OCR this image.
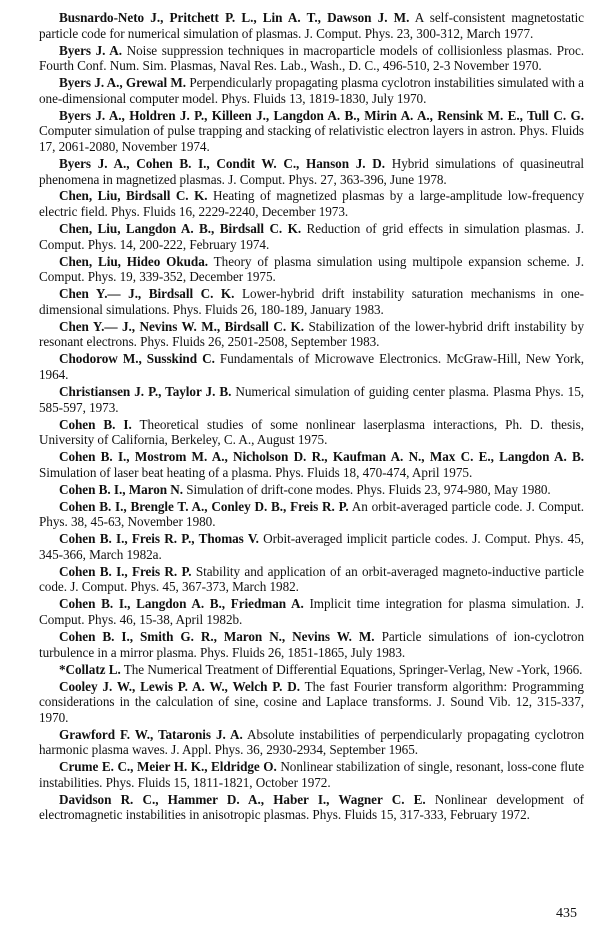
Busnardo-Neto J., Pritchett P. L., Lin A. T., Dawson J. M. A self-consistent magnetostatic particle code for numerical simulation of plasmas. J. Comput. Phys. 23, 300-312, March 1977.

Byers J. A. Noise suppression techniques in macroparticle models of collisionless plasmas. Proc. Fourth Conf. Num. Sim. Plasmas, Naval Res. Lab., Wash., D. C., 496-510, 2-3 November 1970.

Byers J. A., Grewal M. Perpendicularly propagating plasma cyclotron instabilities simulated with a one-dimensional computer model. Phys. Fluids 13, 1819-1830, July 1970.

Byers J. A., Holdren J. P., Killeen J., Langdon A. B., Mirin A. A., Rensink M. E., Tull C. G. Computer simulation of pulse trapping and stacking of relativistic electron layers in astron. Phys. Fluids 17, 2061-2080, November 1974.

Byers J. A., Cohen B. I., Condit W. C., Hanson J. D. Hybrid simulations of quasineutral phenomena in magnetized plasmas. J. Comput. Phys. 27, 363-396, June 1978.

Chen, Liu, Birdsall C. K. Heating of magnetized plasmas by a large-amplitude low-frequency electric field. Phys. Fluids 16, 2229-2240, December 1973.

Chen, Liu, Langdon A. B., Birdsall C. K. Reduction of grid effects in simulation plasmas. J. Comput. Phys. 14, 200-222, February 1974.

Chen, Liu, Hideo Okuda. Theory of plasma simulation using multipole expansion scheme. J. Comput. Phys. 19, 339-352, December 1975.

Chen Y.— J., Birdsall C. K. Lower-hybrid drift instability saturation mechanisms in one-dimensional simulations. Phys. Fluids 26, 180-189, January 1983.

Chen Y.— J., Nevins W. M., Birdsall C. K. Stabilization of the lower-hybrid drift instability by resonant electrons. Phys. Fluids 26, 2501-2508, September 1983.

Chodorow M., Susskind C. Fundamentals of Microwave Electronics. McGraw-Hill, New York, 1964.

Christiansen J. P., Taylor J. B. Numerical simulation of guiding center plasma. Plasma Phys. 15, 585-597, 1973.

Cohen B. I. Theoretical studies of some nonlinear laserplasma interactions, Ph. D. thesis, University of California, Berkeley, C. A., August 1975.

Cohen B. I., Mostrom M. A., Nicholson D. R., Kaufman A. N., Max C. E., Langdon A. B. Simulation of laser beat heating of a plasma. Phys. Fluids 18, 470-474, April 1975.

Cohen B. I., Maron N. Simulation of drift-cone modes. Phys. Fluids 23, 974-980, May 1980.

Cohen B. I., Brengle T. A., Conley D. B., Freis R. P. An orbit-averaged particle code. J. Comput. Phys. 38, 45-63, November 1980.

Cohen B. I., Freis R. P., Thomas V. Orbit-averaged implicit particle codes. J. Comput. Phys. 45, 345-366, March 1982a.

Cohen B. I., Freis R. P. Stability and application of an orbit-averaged magneto-inductive particle code. J. Comput. Phys. 45, 367-373, March 1982.

Cohen B. I., Langdon A. B., Friedman A. Implicit time integration for plasma simulation. J. Comput. Phys. 46, 15-38, April 1982b.

Cohen B. I., Smith G. R., Maron N., Nevins W. M. Particle simulations of ion-cyclotron turbulence in a mirror plasma. Phys. Fluids 26, 1851-1865, July 1983.

*Collatz L. The Numerical Treatment of Differential Equations, Springer-Verlag, New -York, 1966.

Cooley J. W., Lewis P. A. W., Welch P. D. The fast Fourier transform algorithm: Programming considerations in the calculation of sine, cosine and Laplace transforms. J. Sound Vib. 12, 315-337, 1970.

Grawford F. W., Tataronis J. A. Absolute instabilities of perpendicularly propagating cyclotron harmonic plasma waves. J. Appl. Phys. 36, 2930-2934, September 1965.

Crume E. C., Meier H. K., Eldridge O. Nonlinear stabilization of single, resonant, loss-cone flute instabilities. Phys. Fluids 15, 1811-1821, October 1972.

Davidson R. C., Hammer D. A., Haber I., Wagner C. E. Nonlinear development of electromagnetic instabilities in anisotropic plasmas. Phys. Fluids 15, 317-333, February 1972.

435
